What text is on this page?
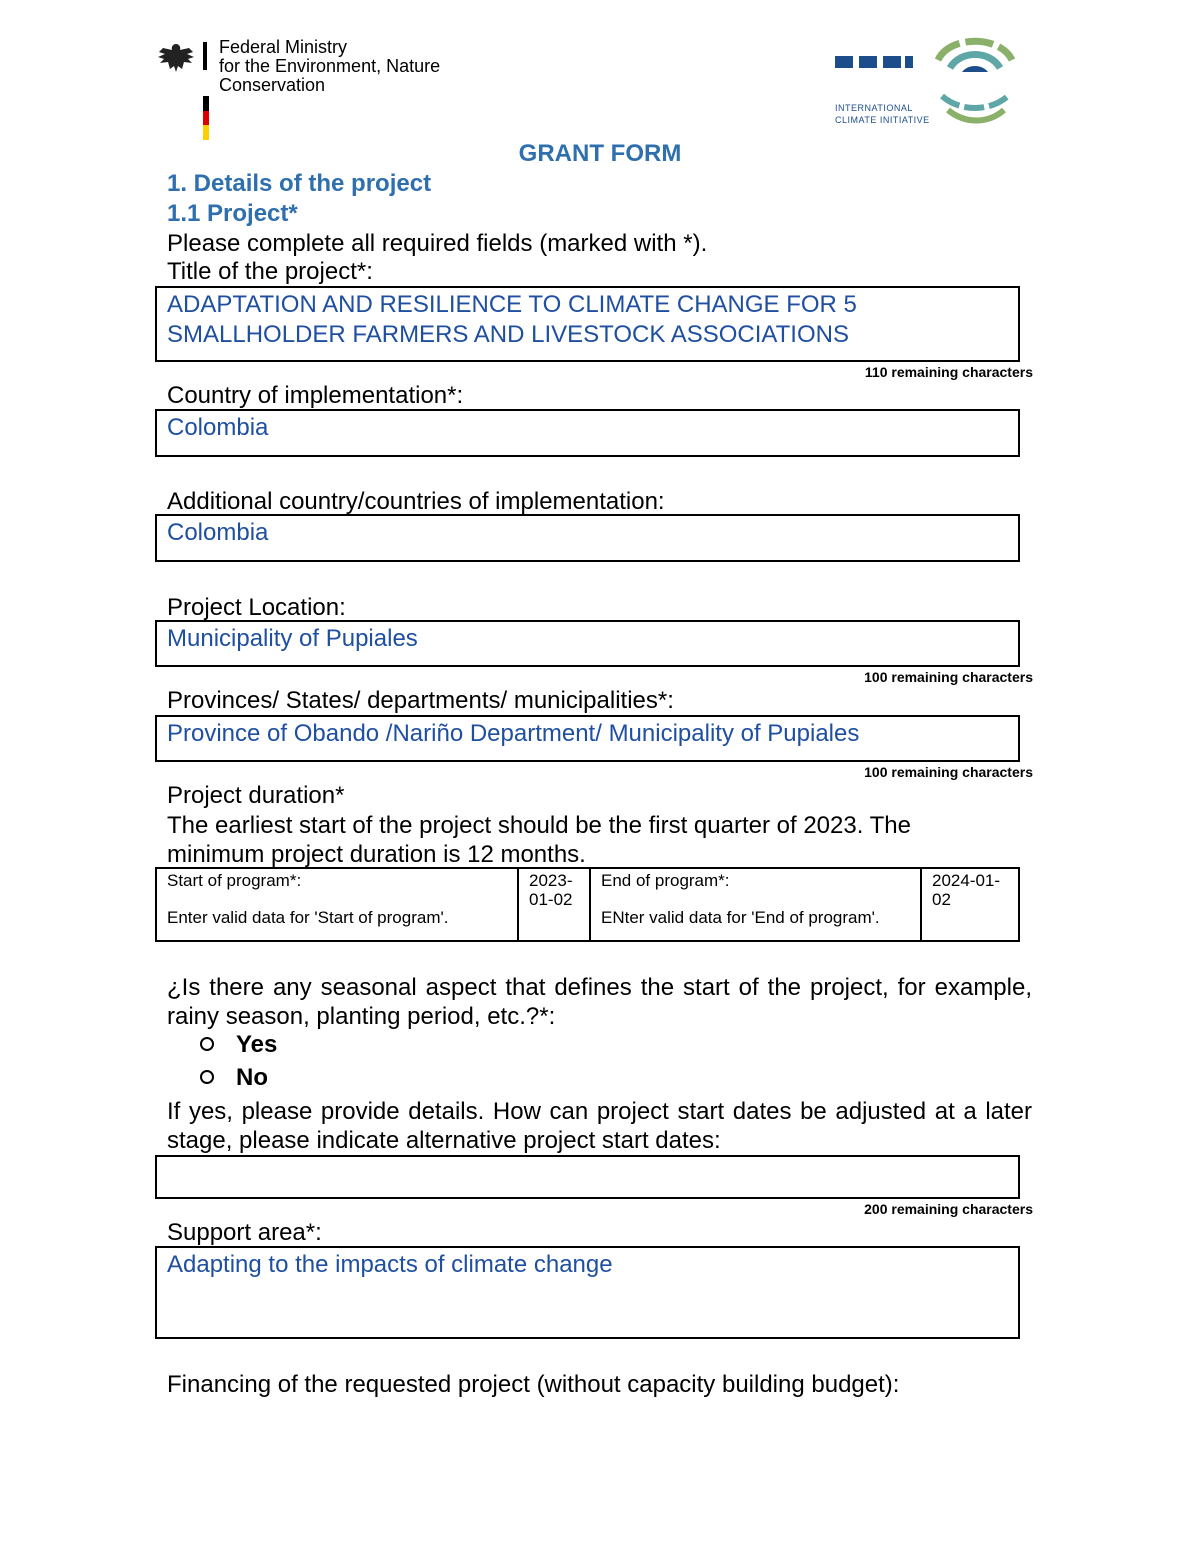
Federal Ministry
for the Environment, Nature Conservation
INTERNATIONAL
CLIMATE INITIATIVE
GRANT FORM
1. Details of the project
1.1 Project*
Please complete all required fields (marked with *).
Title of the project*:
ADAPTATION AND RESILIENCE TO CLIMATE CHANGE FOR 5
SMALLHOLDER FARMERS AND LIVESTOCK ASSOCIATIONS
110 remaining characters
Country of implementation*:
Colombia
Additional country/countries of implementation:
Colombia
Project Location:
Municipality of Pupiales
100 remaining characters
Provinces/ States/ departments/ municipalities*:
Province of Obando /Nariño Department/ Municipality of Pupiales
100 remaining characters
Project duration*
The earliest start of the project should be the first quarter of 2023. The
minimum project duration is 12 months.
Start of program*:
Enter valid data for 'Start of program'.
2023-
01-02
End of program*:
ENter valid data for 'End of program'.
2024-01-
02
¿Is there any seasonal aspect that defines the start of the project, for example, rainy season, planting period, etc.?*:
Yes
No
If yes, please provide details. How can project start dates be adjusted at a later stage, please indicate alternative project start dates:
200 remaining characters
Support area*:
Adapting to the impacts of climate change
Financing of the requested project (without capacity building budget):
